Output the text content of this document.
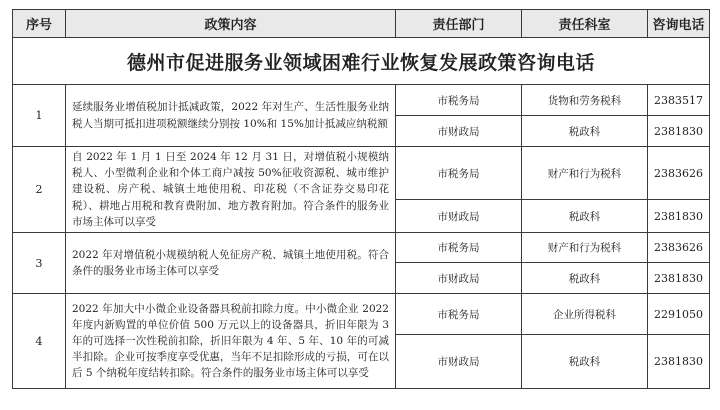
德州市促进服务业领域困难行业恢复发展政策咨询电话				
序号	政策内容	责任部门	责任科室	咨询电话
1	延续服务业增值税加计抵减政策，2022 年对生产、生活性服务业纳税人当期可抵扣进项税额继续分别按 10%和 15%加计抵减应纳税额	市税务局	货物和劳务税科	2383517
		市财政局	税政科	2381830
2	自 2022 年 1 月 1 日至 2024 年 12 月 31 日，对增值税小规模纳税人、小型微利企业和个体工商户减按 50%征收资源税、城市维护建设税、房产税、城镇土地使用税、印花税（不含证券交易印花税）、耕地占用税和教育费附加、地方教育附加。符合条件的服务业市场主体可以享受	市税务局	财产和行为税科	2383626
		市财政局	税政科	2381830
3	2022 年对增值税小规模纳税人免征房产税、城镇土地使用税。符合条件的服务业市场主体可以享受	市税务局	财产和行为税科	2383626
		市财政局	税政科	2381830
4	2022 年加大中小微企业设备器具税前扣除力度。中小微企业 2022 年度内新购置的单位价值 500 万元以上的设备器具，折旧年限为 3 年的可选择一次性税前扣除，折旧年限为 4 年、5 年、10 年的可减半扣除。企业可按季度享受优惠，当年不足扣除形成的亏损，可在以后 5 个纳税年度结转扣除。符合条件的服务业市场主体可以享受	市税务局	企业所得税科	2291050
		市财政局	税政科	2381830
